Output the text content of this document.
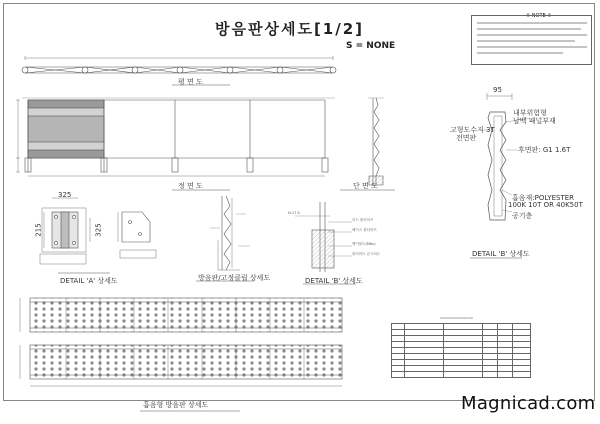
방음판상세도[1/2]
S = NONE
※ NOTE ※
리드 볼티어프
베이스 볼티어프
앵커볼트(M6x)
볼티어트 콘크리트
H-17.5
평 면 도
정 면 도	단 면 도
DETAIL 'A' 상세도	방음판/고정클립 상세도	DETAIL 'B' 상세도
DETAIL 'B' 상세도
흡음형 방음판 상세도
325
325
215
95
내부위험형
날백 패널부재
고형도수지 3T
전면판
후면판: G1 1.6T
흡음재:POLYESTER
100K 10T OR 40K50T
공기층
▭▭▭▭▭▭▭▭▭▭

Magnicad.com
